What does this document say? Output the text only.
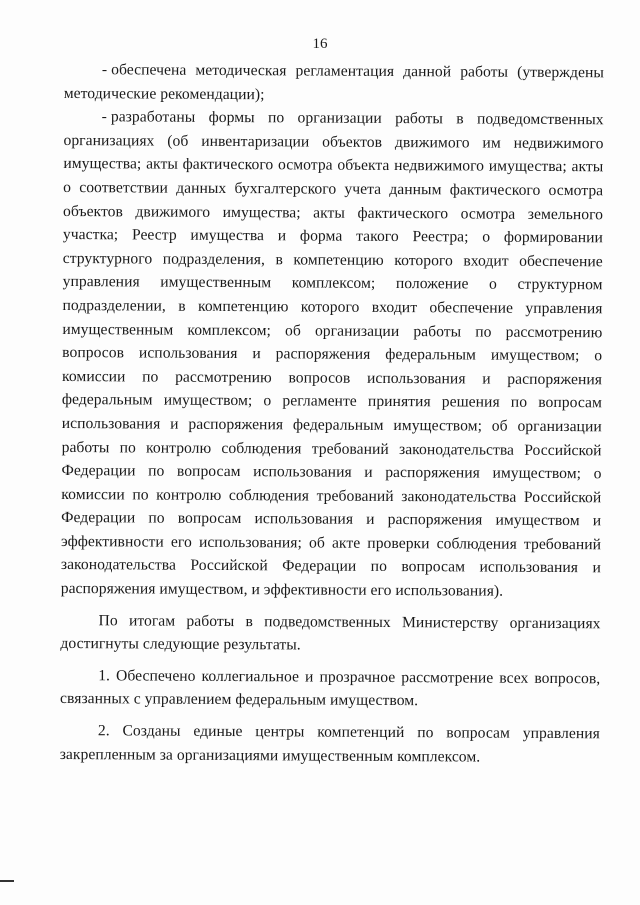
16

- обеспечена методическая регламентация данной работы (утверждены методические рекомендации);

- разработаны формы по организации работы в подведомственных организациях (об инвентаризации объектов движимого им недвижимого имущества; акты фактического осмотра объекта недвижимого имущества; акты о соответствии данных бухгалтерского учета данным фактического осмотра объектов движимого имущества; акты фактического осмотра земельного участка; Реестр имущества и форма такого Реестра; о формировании структурного подразделения, в компетенцию которого входит обеспечение управления имущественным комплексом; положение о структурном подразделении, в компетенцию которого входит обеспечение управления имущественным комплексом; об организации работы по рассмотрению вопросов использования и распоряжения федеральным имуществом; о комиссии по рассмотрению вопросов использования и распоряжения федеральным имуществом; о регламенте принятия решения по вопросам использования и распоряжения федеральным имуществом; об организации работы по контролю соблюдения требований законодательства Российской Федерации по вопросам использования и распоряжения имуществом; о комиссии по контролю соблюдения требований законодательства Российской Федерации по вопросам использования и распоряжения имуществом и эффективности его использования; об акте проверки соблюдения требований законодательства Российской Федерации по вопросам использования и распоряжения имуществом, и эффективности его использования).

По итогам работы в подведомственных Министерству организациях достигнуты следующие результаты.

1. Обеспечено коллегиальное и прозрачное рассмотрение всех вопросов, связанных с управлением федеральным имуществом.

2. Созданы единые центры компетенций по вопросам управления закрепленным за организациями имущественным комплексом.
